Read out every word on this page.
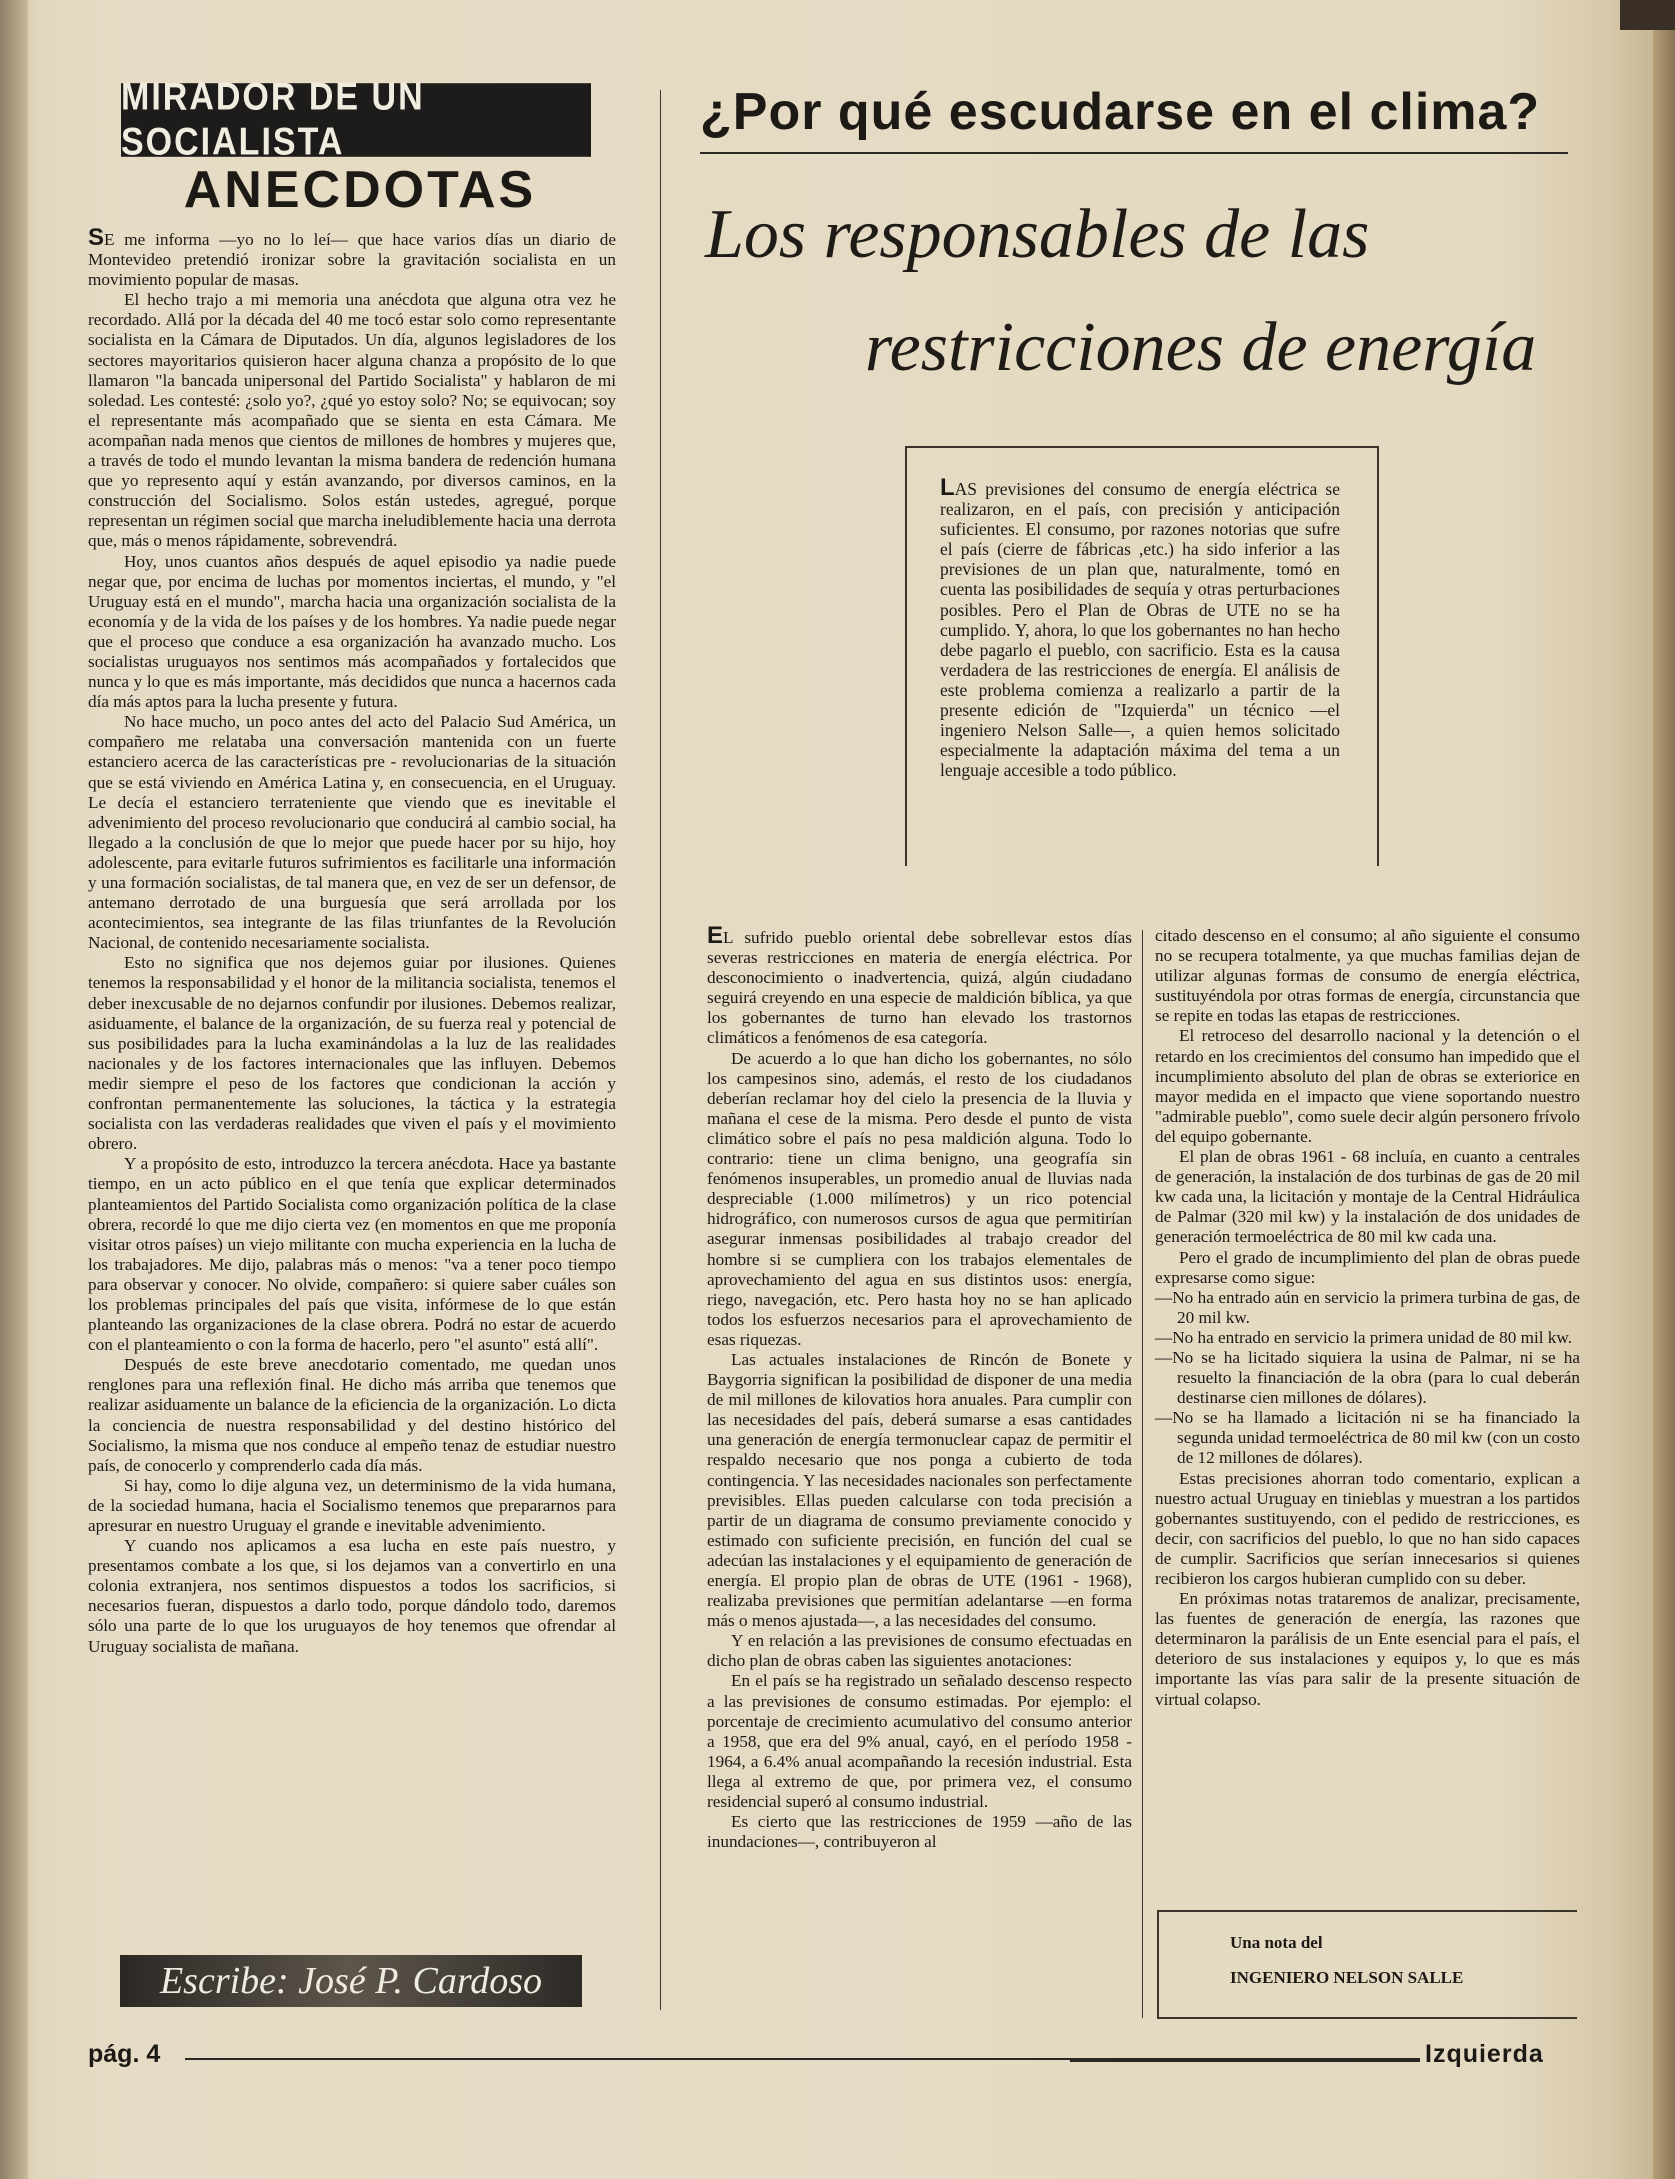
MIRADOR DE UN SOCIALISTA
ANECDOTAS

SE me informa —yo no lo leí— que hace varios días un diario de Montevideo pretendió ironizar sobre la gravitación socialista en un movimiento popular de masas.

El hecho trajo a mi memoria una anécdota que alguna otra vez he recordado. Allá por la década del 40 me tocó estar solo como representante socialista en la Cámara de Diputados. Un día, algunos legisladores de los sectores mayoritarios quisieron hacer alguna chanza a propósito de lo que llamaron "la bancada unipersonal del Partido Socialista" y hablaron de mi soledad. Les contesté: ¿solo yo?, ¿qué yo estoy solo? No; se equivocan; soy el representante más acompañado que se sienta en esta Cámara. Me acompañan nada menos que cientos de millones de hombres y mujeres que, a través de todo el mundo levantan la misma bandera de redención humana que yo represento aquí y están avanzando, por diversos caminos, en la construcción del Socialismo. Solos están ustedes, agregué, porque representan un régimen social que marcha ineludiblemente hacia una derrota que, más o menos rápidamente, sobrevendrá.

Hoy, unos cuantos años después de aquel episodio ya nadie puede negar que, por encima de luchas por momentos inciertas, el mundo, y "el Uruguay está en el mundo", marcha hacia una organización socialista de la economía y de la vida de los países y de los hombres. Ya nadie puede negar que el proceso que conduce a esa organización ha avanzado mucho. Los socialistas uruguayos nos sentimos más acompañados y fortalecidos que nunca y lo que es más importante, más decididos que nunca a hacernos cada día más aptos para la lucha presente y futura.

No hace mucho, un poco antes del acto del Palacio Sud América, un compañero me relataba una conversación mantenida con un fuerte estanciero acerca de las características pre - revolucionarias de la situación que se está viviendo en América Latina y, en consecuencia, en el Uruguay. Le decía el estanciero terrateniente que viendo que es inevitable el advenimiento del proceso revolucionario que conducirá al cambio social, ha llegado a la conclusión de que lo mejor que puede hacer por su hijo, hoy adolescente, para evitarle futuros sufrimientos es facilitarle una información y una formación socialistas, de tal manera que, en vez de ser un defensor, de antemano derrotado de una burguesía que será arrollada por los acontecimientos, sea integrante de las filas triunfantes de la Revolución Nacional, de contenido necesariamente socialista.

Esto no significa que nos dejemos guiar por ilusiones. Quienes tenemos la responsabilidad y el honor de la militancia socialista, tenemos el deber inexcusable de no dejarnos confundir por ilusiones. Debemos realizar, asiduamente, el balance de la organización, de su fuerza real y potencial de sus posibilidades para la lucha examinándolas a la luz de las realidades nacionales y de los factores internacionales que las influyen. Debemos medir siempre el peso de los factores que condicionan la acción y confrontan permanentemente las soluciones, la táctica y la estrategia socialista con las verdaderas realidades que viven el país y el movimiento obrero.

Y a propósito de esto, introduzco la tercera anécdota. Hace ya bastante tiempo, en un acto público en el que tenía que explicar determinados planteamientos del Partido Socialista como organización política de la clase obrera, recordé lo que me dijo cierta vez (en momentos en que me proponía visitar otros países) un viejo militante con mucha experiencia en la lucha de los trabajadores. Me dijo, palabras más o menos: "va a tener poco tiempo para observar y conocer. No olvide, compañero: si quiere saber cuáles son los problemas principales del país que visita, infórmese de lo que están planteando las organizaciones de la clase obrera. Podrá no estar de acuerdo con el planteamiento o con la forma de hacerlo, pero "el asunto" está allí".

Después de este breve anecdotario comentado, me quedan unos renglones para una reflexión final. He dicho más arriba que tenemos que realizar asiduamente un balance de la eficiencia de la organización. Lo dicta la conciencia de nuestra responsabilidad y del destino histórico del Socialismo, la misma que nos conduce al empeño tenaz de estudiar nuestro país, de conocerlo y comprenderlo cada día más.

Si hay, como lo dije alguna vez, un determinismo de la vida humana, de la sociedad humana, hacia el Socialismo tenemos que prepararnos para apresurar en nuestro Uruguay el grande e inevitable advenimiento.

Y cuando nos aplicamos a esa lucha en este país nuestro, y presentamos combate a los que, si los dejamos van a convertirlo en una colonia extranjera, nos sentimos dispuestos a todos los sacrificios, si necesarios fueran, dispuestos a darlo todo, porque dándolo todo, daremos sólo una parte de lo que los uruguayos de hoy tenemos que ofrendar al Uruguay socialista de mañana.

Escribe: José P. Cardoso
¿Por qué escudarse en el clima?
Los responsables de las
restricciones de energía

LAS previsiones del consumo de energía eléctrica se realizaron, en el país, con precisión y anticipación suficientes. El consumo, por razones notorias que sufre el país (cierre de fábricas ,etc.) ha sido inferior a las previsiones de un plan que, naturalmente, tomó en cuenta las posibilidades de sequía y otras perturbaciones posibles. Pero el Plan de Obras de UTE no se ha cumplido. Y, ahora, lo que los gobernantes no han hecho debe pagarlo el pueblo, con sacrificio. Esta es la causa verdadera de las restricciones de energía. El análisis de este problema comienza a realizarlo a partir de la presente edición de "Izquierda" un técnico —el ingeniero Nelson Salle—, a quien hemos solicitado especialmente la adaptación máxima del tema a un lenguaje accesible a todo público.

EL sufrido pueblo oriental debe sobrellevar estos días severas restricciones en materia de energía eléctrica. Por desconocimiento o inadvertencia, quizá, algún ciudadano seguirá creyendo en una especie de maldición bíblica, ya que los gobernantes de turno han elevado los trastornos climáticos a fenómenos de esa categoría.

De acuerdo a lo que han dicho los gobernantes, no sólo los campesinos sino, además, el resto de los ciudadanos deberían reclamar hoy del cielo la presencia de la lluvia y mañana el cese de la misma. Pero desde el punto de vista climático sobre el país no pesa maldición alguna. Todo lo contrario: tiene un clima benigno, una geografía sin fenómenos insuperables, un promedio anual de lluvias nada despreciable (1.000 milímetros) y un rico potencial hidrográfico, con numerosos cursos de agua que permitirían asegurar inmensas posibilidades al trabajo creador del hombre si se cumpliera con los trabajos elementales de aprovechamiento del agua en sus distintos usos: energía, riego, navegación, etc. Pero hasta hoy no se han aplicado todos los esfuerzos necesarios para el aprovechamiento de esas riquezas.

Las actuales instalaciones de Rincón de Bonete y Baygorria significan la posibilidad de disponer de una media de mil millones de kilovatios hora anuales. Para cumplir con las necesidades del país, deberá sumarse a esas cantidades una generación de energía termonuclear capaz de permitir el respaldo necesario que nos ponga a cubierto de toda contingencia. Y las necesidades nacionales son perfectamente previsibles. Ellas pueden calcularse con toda precisión a partir de un diagrama de consumo previamente conocido y estimado con suficiente precisión, en función del cual se adecúan las instalaciones y el equipamiento de generación de energía. El propio plan de obras de UTE (1961 - 1968), realizaba previsiones que permitían adelantarse —en forma más o menos ajustada—, a las necesidades del consumo.

Y en relación a las previsiones de consumo efectuadas en dicho plan de obras caben las siguientes anotaciones:

En el país se ha registrado un señalado descenso respecto a las previsiones de consumo estimadas. Por ejemplo: el porcentaje de crecimiento acumulativo del consumo anterior a 1958, que era del 9% anual, cayó, en el período 1958 - 1964, a 6.4% anual acompañando la recesión industrial. Esta llega al extremo de que, por primera vez, el consumo residencial superó al consumo industrial.

Es cierto que las restricciones de 1959 —año de las inundaciones—, contribuyeron al

citado descenso en el consumo; al año siguiente el consumo no se recupera totalmente, ya que muchas familias dejan de utilizar algunas formas de consumo de energía eléctrica, sustituyéndola por otras formas de energía, circunstancia que se repite en todas las etapas de restricciones.

El retroceso del desarrollo nacional y la detención o el retardo en los crecimientos del consumo han impedido que el incumplimiento absoluto del plan de obras se exteriorice en mayor medida en el impacto que viene soportando nuestro "admirable pueblo", como suele decir algún personero frívolo del equipo gobernante.

El plan de obras 1961 - 68 incluía, en cuanto a centrales de generación, la instalación de dos turbinas de gas de 20 mil kw cada una, la licitación y montaje de la Central Hidráulica de Palmar (320 mil kw) y la instalación de dos unidades de generación termoeléctrica de 80 mil kw cada una.

Pero el grado de incumplimiento del plan de obras puede expresarse como sigue:

—No ha entrado aún en servicio la primera turbina de gas, de 20 mil kw.

—No ha entrado en servicio la primera unidad de 80 mil kw.

—No se ha licitado siquiera la usina de Palmar, ni se ha resuelto la financiación de la obra (para lo cual deberán destinarse cien millones de dólares).

—No se ha llamado a licitación ni se ha financiado la segunda unidad termoeléctrica de 80 mil kw (con un costo de 12 millones de dólares).

Estas precisiones ahorran todo comentario, explican a nuestro actual Uruguay en tinieblas y muestran a los partidos gobernantes sustituyendo, con el pedido de restricciones, es decir, con sacrificios del pueblo, lo que no han sido capaces de cumplir. Sacrificios que serían innecesarios si quienes recibieron los cargos hubieran cumplido con su deber.

En próximas notas trataremos de analizar, precisamente, las fuentes de generación de energía, las razones que determinaron la parálisis de un Ente esencial para el país, el deterioro de sus instalaciones y equipos y, lo que es más importante las vías para salir de la presente situación de virtual colapso.

Una nota del
INGENIERO NELSON SALLE
pág. 4	Izquierda
